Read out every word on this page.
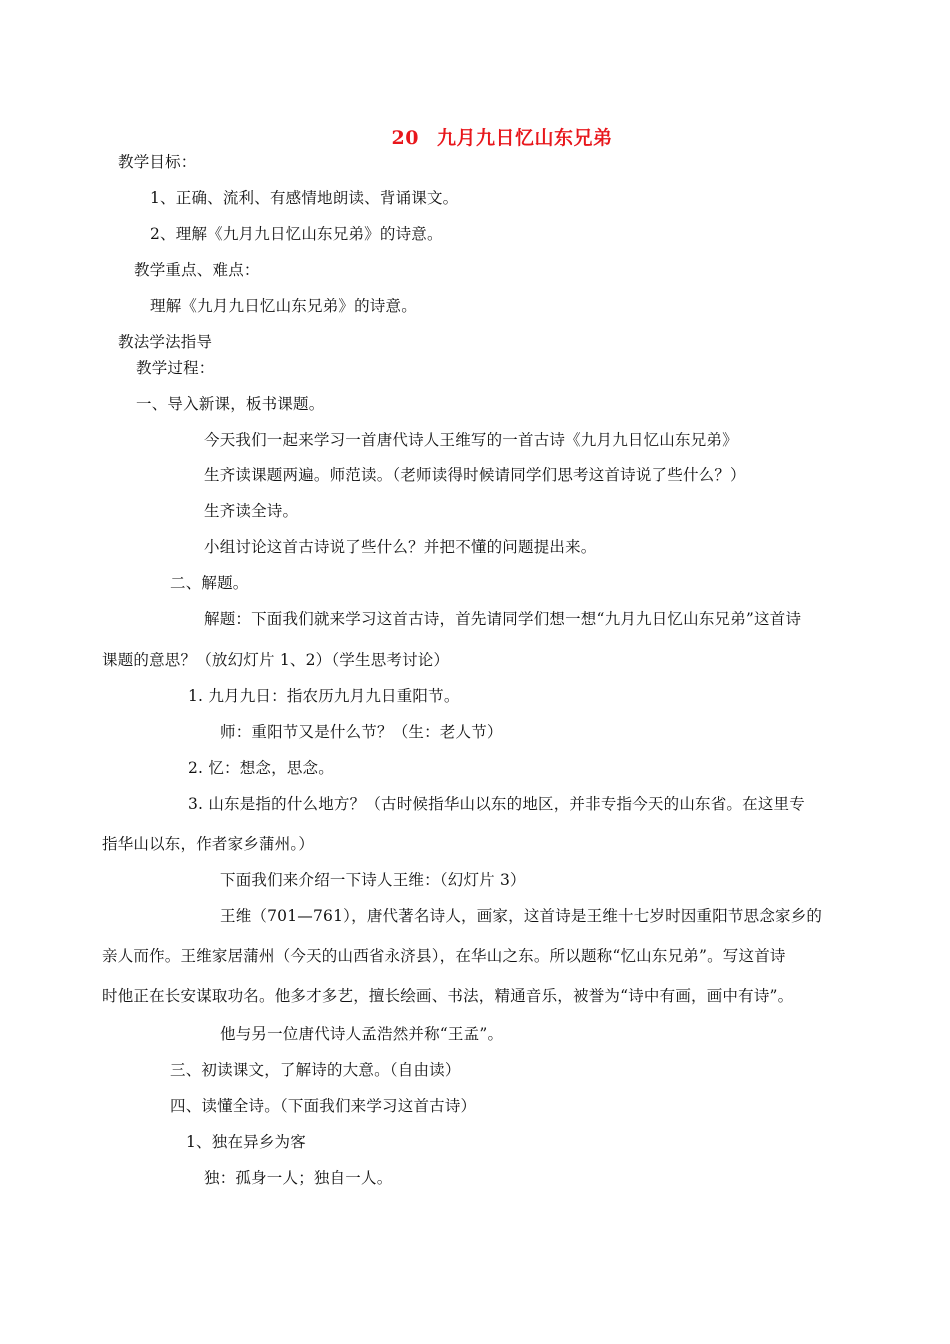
20 九月九日忆山东兄弟
教学目标：
1、正确、流利、有感情地朗读、背诵课文。
2、理解《九月九日忆山东兄弟》的诗意。
教学重点、难点：
理解《九月九日忆山东兄弟》的诗意。
教法学法指导
教学过程：
一、导入新课，板书课题。
今天我们一起来学习一首唐代诗人王维写的一首古诗《九月九日忆山东兄弟》
生齐读课题两遍。师范读。（老师读得时候请同学们思考这首诗说了些什么？）
生齐读全诗。
小组讨论这首古诗说了些什么？并把不懂的问题提出来。
二、解题。
解题：下面我们就来学习这首古诗，首先请同学们想一想“九月九日忆山东兄弟”这首诗
课题的意思？（放幻灯片 1、2）（学生思考讨论）
1. 九月九日：指农历九月九日重阳节。
师：重阳节又是什么节？（生：老人节）
2. 忆：想念，思念。
3. 山东是指的什么地方？（古时候指华山以东的地区，并非专指今天的山东省。在这里专
指华山以东，作者家乡蒲州。）
下面我们来介绍一下诗人王维：（幻灯片 3）
王维（701—761），唐代著名诗人，画家，这首诗是王维十七岁时因重阳节思念家乡的
亲人而作。王维家居蒲州（今天的山西省永济县），在华山之东。所以题称“忆山东兄弟”。写这首诗
时他正在长安谋取功名。他多才多艺，擅长绘画、书法，精通音乐，被誉为“诗中有画，画中有诗”。
他与另一位唐代诗人孟浩然并称“王孟”。
三、初读课文，了解诗的大意。（自由读）
四、读懂全诗。（下面我们来学习这首古诗）
1、独在异乡为客
独：孤身一人；独自一人。
